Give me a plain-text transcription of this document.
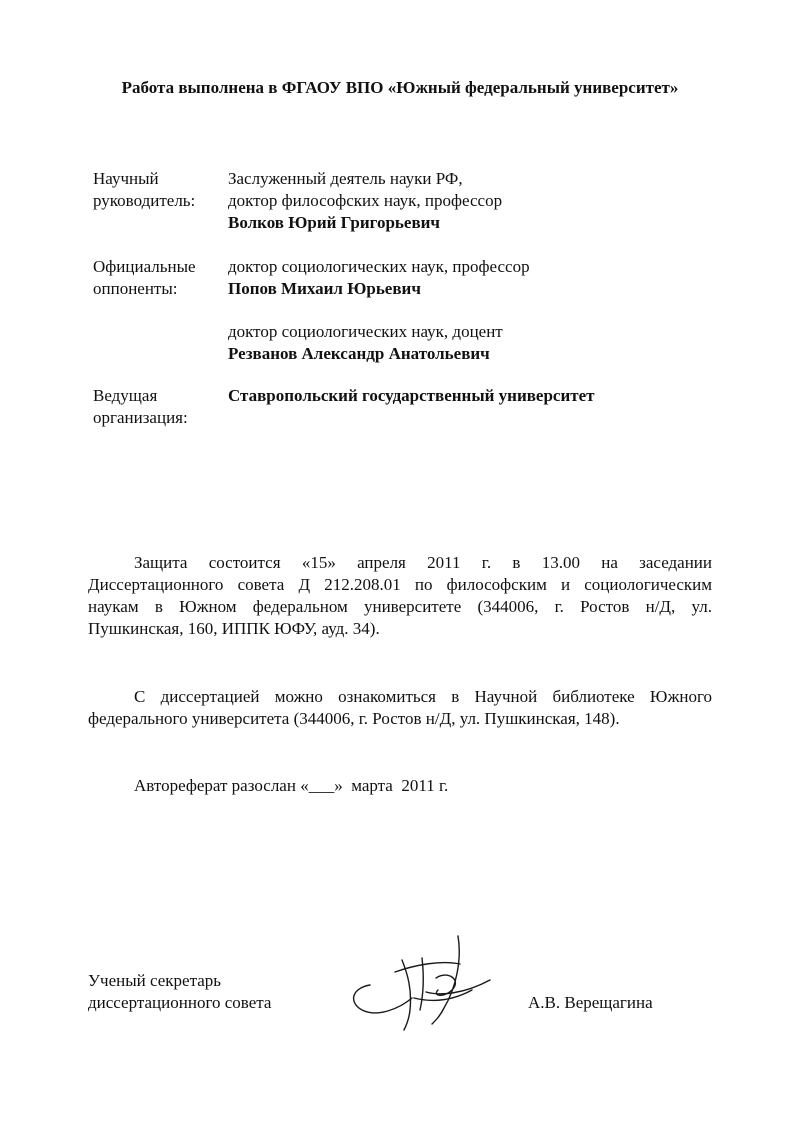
Работа выполнена в ФГАОУ ВПО «Южный федеральный университет»
Научный
руководитель:
Заслуженный деятель науки РФ,
доктор философских наук, профессор
Волков Юрий Григорьевич
Официальные
оппоненты:
доктор социологических наук, профессор
Попов Михаил Юрьевич
доктор социологических наук, доцент
Резванов Александр Анатольевич
Ведущая
организация:
Ставропольский государственный университет
Защита состоится «15» апреля 2011 г. в 13.00 на заседании
Диссертационного совета Д 212.208.01 по философским и социологическим
наукам в Южном федеральном университете (344006, г. Ростов н/Д, ул.
Пушкинская, 160, ИППК ЮФУ, ауд. 34).
С диссертацией можно ознакомиться в Научной библиотеке Южного
федерального университета (344006, г. Ростов н/Д, ул. Пушкинская, 148).
Автореферат разослан «___»  марта  2011 г.
Ученый секретарь
диссертационного совета	А.В. Верещагина
